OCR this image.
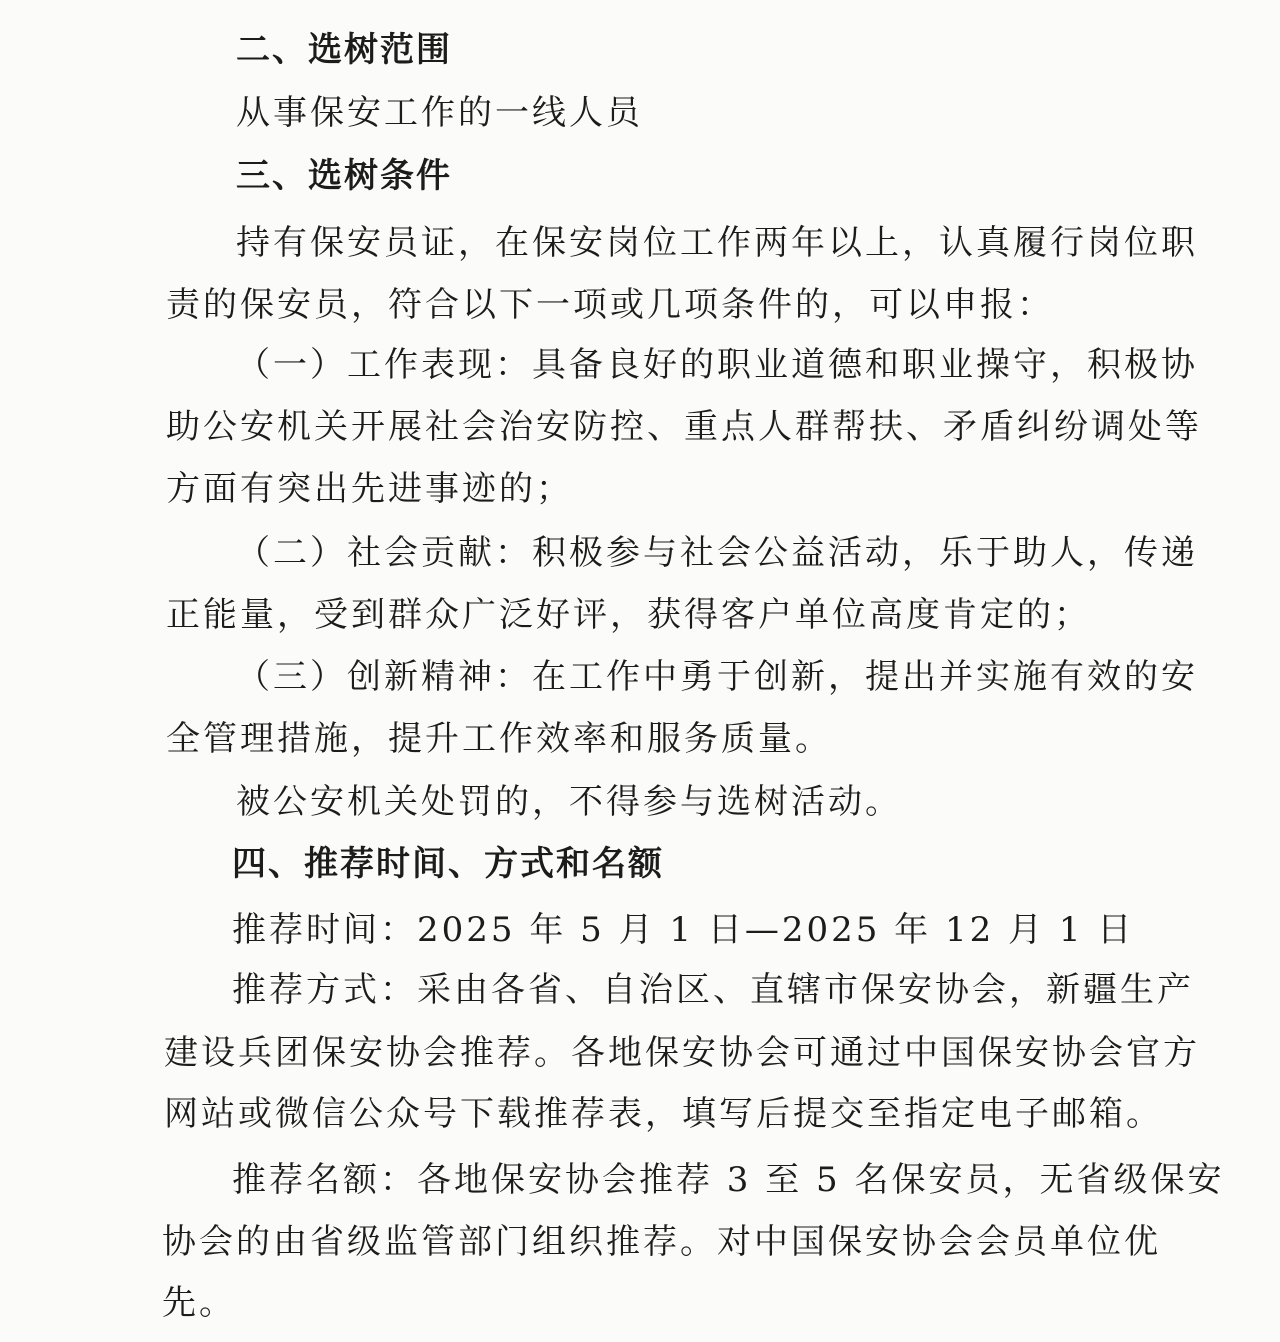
二、选树范围
从事保安工作的一线人员
三、选树条件
持有保安员证，在保安岗位工作两年以上，认真履行岗位职
责的保安员，符合以下一项或几项条件的，可以申报：
（一）工作表现：具备良好的职业道德和职业操守，积极协
助公安机关开展社会治安防控、重点人群帮扶、矛盾纠纷调处等
方面有突出先进事迹的；
（二）社会贡献：积极参与社会公益活动，乐于助人，传递
正能量，受到群众广泛好评，获得客户单位高度肯定的；
（三）创新精神：在工作中勇于创新，提出并实施有效的安
全管理措施，提升工作效率和服务质量。
被公安机关处罚的，不得参与选树活动。
四、推荐时间、方式和名额
推荐时间：2025 年 5 月 1 日—2025 年 12 月 1 日
推荐方式：采由各省、自治区、直辖市保安协会，新疆生产
建设兵团保安协会推荐。各地保安协会可通过中国保安协会官方
网站或微信公众号下载推荐表，填写后提交至指定电子邮箱。
推荐名额：各地保安协会推荐 3 至 5 名保安员，无省级保安
协会的由省级监管部门组织推荐。对中国保安协会会员单位优
先。
